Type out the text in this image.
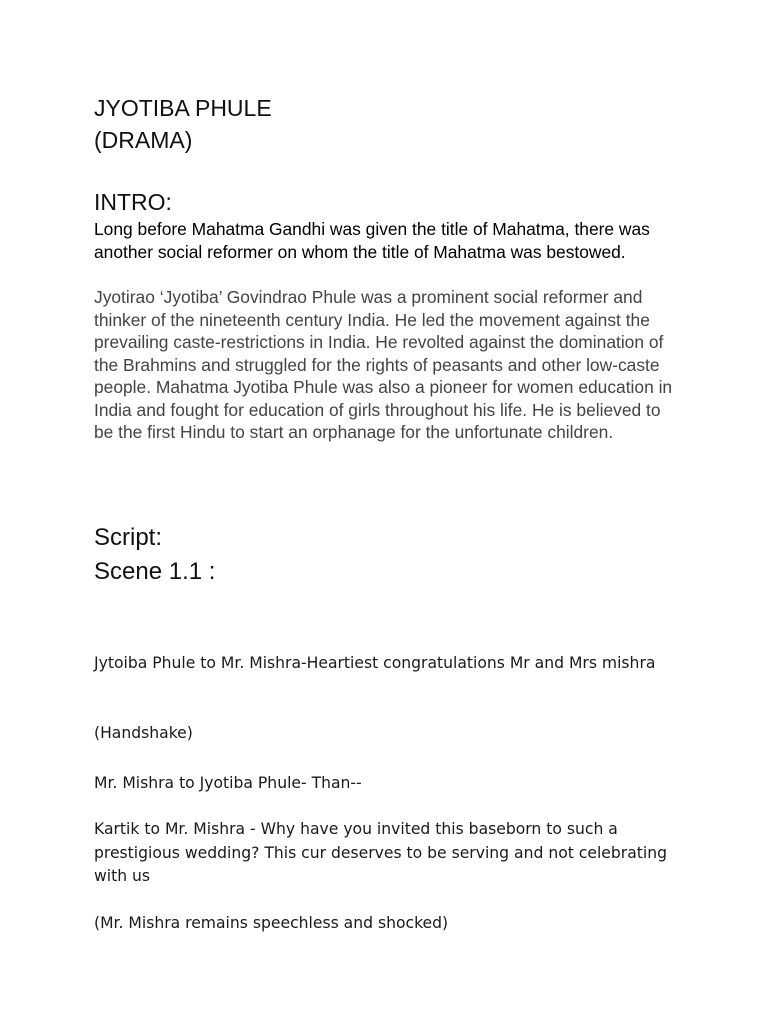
JYOTIBA PHULE
(DRAMA)
INTRO:

Long before Mahatma Gandhi was given the title of Mahatma, there was another social reformer on whom the title of Mahatma was bestowed.

Jyotirao ‘Jyotiba’ Govindrao Phule was a prominent social reformer and thinker of the nineteenth century India. He led the movement against the prevailing caste-restrictions in India. He revolted against the domination of the Brahmins and struggled for the rights of peasants and other low-caste people. Mahatma Jyotiba Phule was also a pioneer for women education in India and fought for education of girls throughout his life. He is believed to be the first Hindu to start an orphanage for the unfortunate children.

Script:
Scene 1.1 :

Jytoiba Phule to Mr. Mishra-Heartiest congratulations Mr and Mrs mishra

(Handshake)

Mr. Mishra to Jyotiba Phule- Than--

Kartik to Mr. Mishra - Why have you invited this baseborn to such a prestigious wedding? This cur deserves to be serving and not celebrating with us

(Mr. Mishra remains speechless and shocked)
